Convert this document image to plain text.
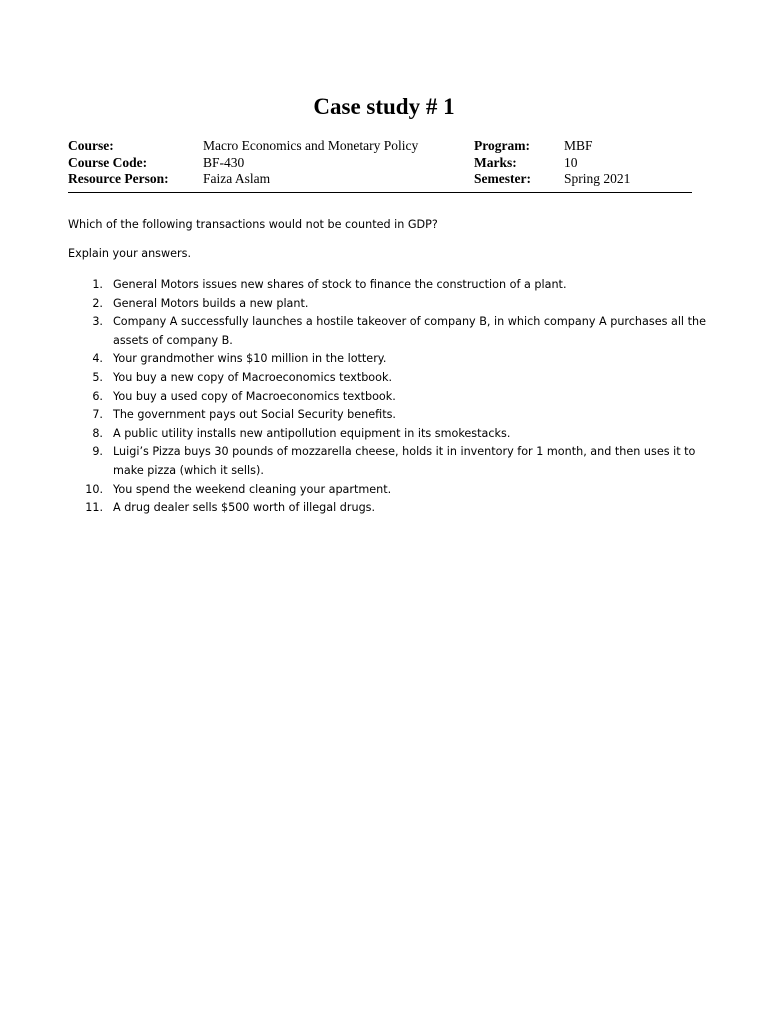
Case study # 1
Course:	Macro Economics and Monetary Policy	Program:	MBF
Course Code:	BF-430	Marks:	10
Resource Person:	Faiza Aslam	Semester: Spring 2021
Which of the following transactions would not be counted in GDP?
Explain your answers.
1. General Motors issues new shares of stock to finance the construction of a plant.
2. General Motors builds a new plant.
3. Company A successfully launches a hostile takeover of company B, in which company A purchases all the
assets of company B.
4. Your grandmother wins $10 million in the lottery.
5. You buy a new copy of Macroeconomics textbook.
6. You buy a used copy of Macroeconomics textbook.
7. The government pays out Social Security benefits.
8. A public utility installs new antipollution equipment in its smokestacks.
9. Luigi’s Pizza buys 30 pounds of mozzarella cheese, holds it in inventory for 1 month, and then uses it to
make pizza (which it sells).
10. You spend the weekend cleaning your apartment.
11. A drug dealer sells $500 worth of illegal drugs.
